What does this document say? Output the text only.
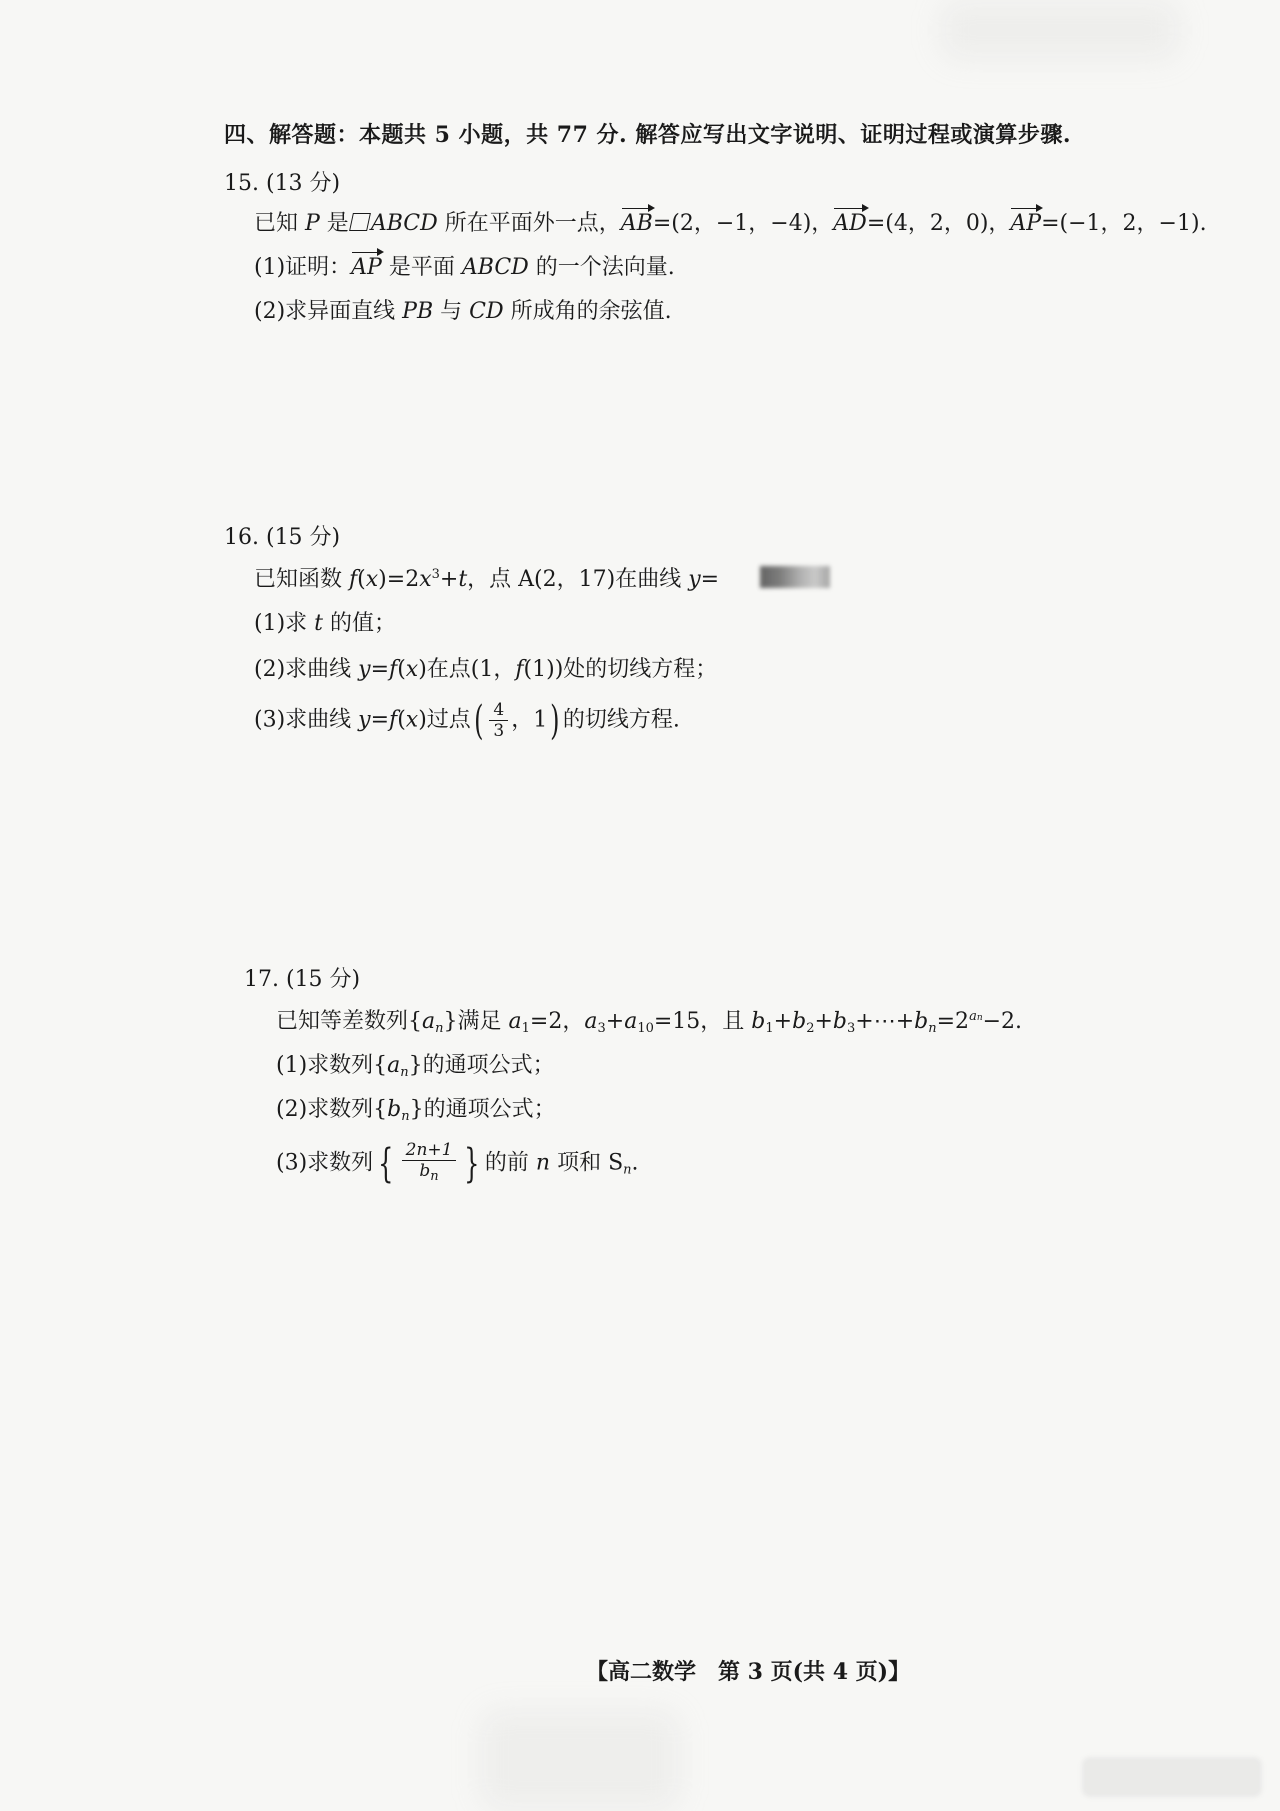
四、解答题：本题共 5 小题，共 77 分. 解答应写出文字说明、证明过程或演算步骤.
15. (13 分)
已知 P 是 ABCD 所在平面外一点，AB=(2，−1，−4)，AD=(4，2，0)，AP=(−1，2，−1).
(1)证明：AP 是平面 ABCD 的一个法向量.
(2)求异面直线 PB 与 CD 所成角的余弦值.
16. (15 分)
已知函数 $f(x)=2x^3+t$，点 A(2，17)在曲线 y=
(1)求 t 的值；
(2)求曲线 y=f(x)在点(1，f(1))处的切线方程；
(3)求曲线 y=f(x)过点( $\frac{4}{3}$ ，1) 的切线方程.
17. (15 分)
已知等差数列$\{a_n\}$满足 $a_1=2$，$a_3+a_{10}=15$，且 $b_1+b_2+b_3+\cdots+b_n=2^{an}-2$.
(1)求数列$\{a_n\}$的通项公式；
(2)求数列$\{b_n\}$的通项公式；
(3)求数列 { $\frac{2n+1}{b_n}$ } 的前 n 项和 $S_n$.
【高二数学　第 3 页(共 4 页)】
